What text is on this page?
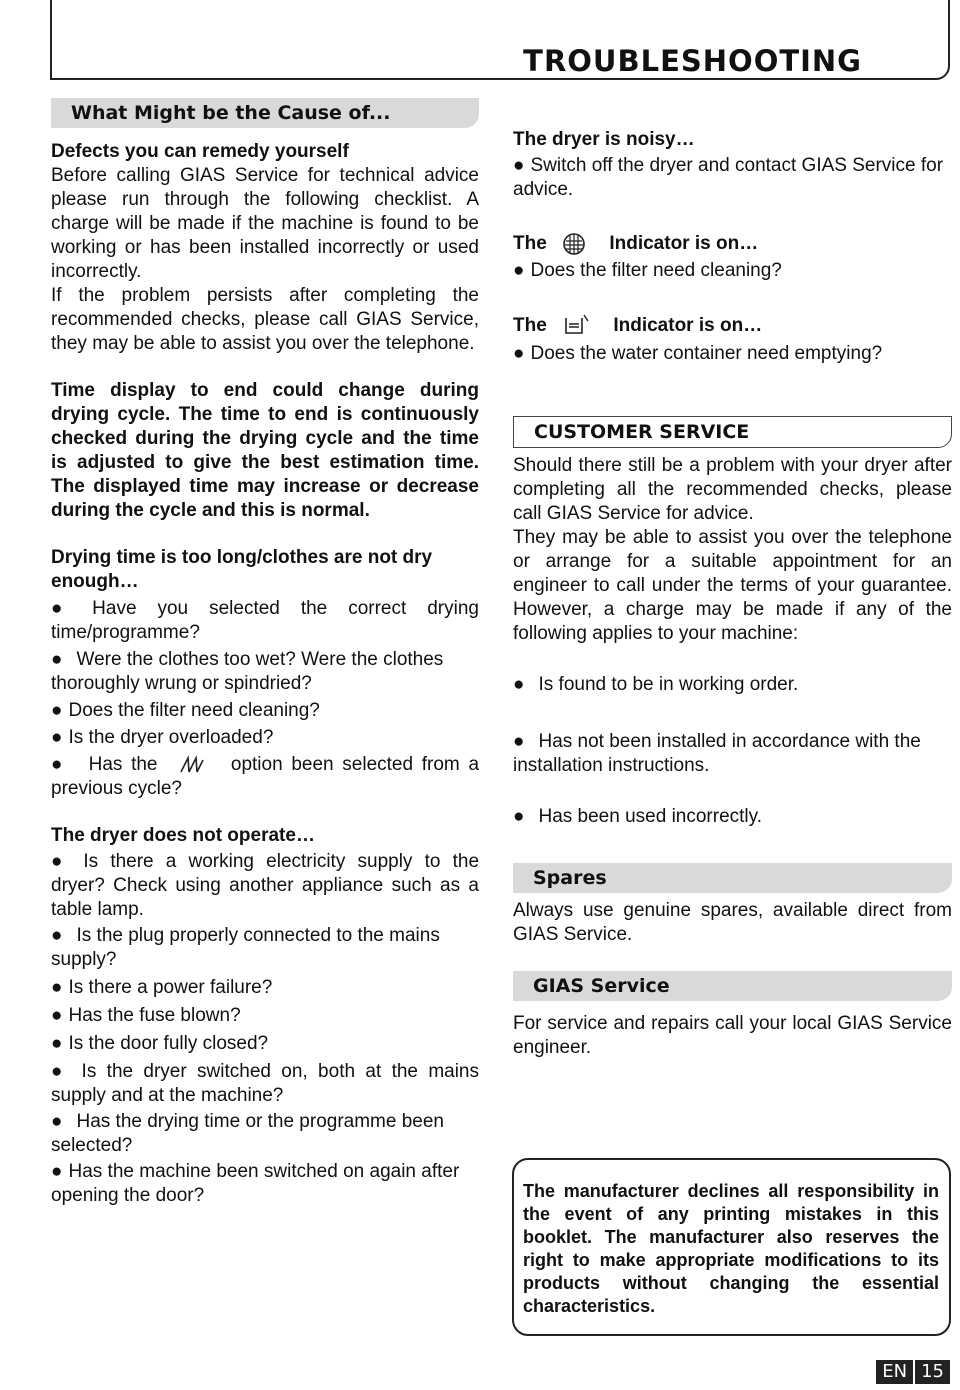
TROUBLESHOOTING
What Might be the Cause of...

Defects you can remedy yourself

Before calling GIAS Service for technical advice please run through the following checklist. A charge will be made if the machine is found to be working or has been installed incorrectly or used incorrectly.

If the problem persists after completing the recommended checks, please call GIAS Service, they may be able to assist you over the telephone.

Time display to end could change during drying cycle. The time to end is continuously checked during the drying cycle and the time is adjusted to give the best estimation time. The displayed time may increase or decrease during the cycle and this is normal.

Drying time is too long/clothes are not dry enough…

● Have you selected the correct drying time/programme?

● Were the clothes too wet? Were the clothes thoroughly wrung or spindried?

● Does the filter need cleaning?

● Is the dryer overloaded?

● Has the	option been selected from a previous cycle?

The dryer does not operate…

● Is there a working electricity supply to the dryer? Check using another appliance such as a table lamp.

● Is the plug properly connected to the mains supply?

● Is there a power failure?

● Has the fuse blown?

● Is the door fully closed?

● Is the dryer switched on, both at the mains supply and at the machine?

● Has the drying time or the programme been selected?

● Has the machine been switched on again after opening the door?

The dryer is noisy…

● Switch off the dryer and contact GIAS Service for advice.

The	Indicator is on…

● Does the filter need cleaning?

The	Indicator is on…

● Does the water container need emptying?

CUSTOMER SERVICE

Should there still be a problem with your dryer after completing all the recommended checks, please call GIAS Service for advice.

They may be able to assist you over the telephone or arrange for a suitable appointment for an engineer to call under the terms of your guarantee. However, a charge may be made if any of the following applies to your machine:

● Is found to be in working order.

● Has not been installed in accordance with the installation instructions.

● Has been used incorrectly.

Spares

Always use genuine spares, available direct from GIAS Service.

GIAS Service

For service and repairs call your local GIAS Service engineer.

The manufacturer declines all responsibility in the event of any printing mistakes in this booklet. The manufacturer also reserves the right to make appropriate modifications to its products without changing the essential characteristics.

EN 15
